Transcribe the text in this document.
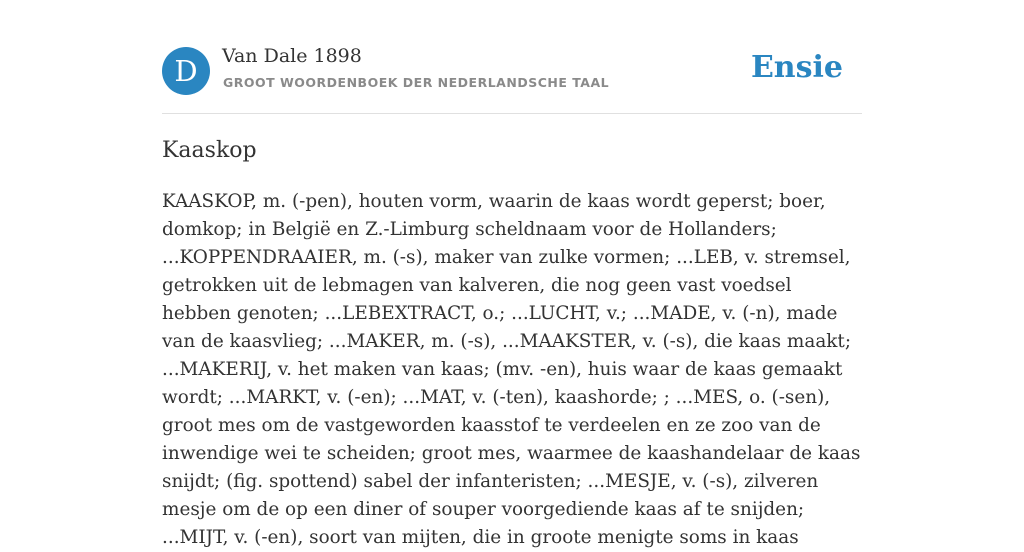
D	Van Dale 1898
GROOT WOORDENBOEK DER NEDERLANDSCHE TAAL	Ensie
Kaaskop

KAASKOP, m. (-pen), houten vorm, waarin de kaas wordt geperst; boer, domkop; in België en Z.-Limburg scheldnaam voor de Hollanders; ...KOPPENDRAAIER, m. (-s), maker van zulke vormen; ...LEB, v. stremsel, getrokken uit de lebmagen van kalveren, die nog geen vast voedsel hebben genoten; ...LEBEXTRACT, o.; ...LUCHT, v.; ...MADE, v. (-n), made van de kaasvlieg; ...MAKER, m. (-s), ...MAAKSTER, v. (-s), die kaas maakt; ...MAKERIJ, v. het maken van kaas; (mv. -en), huis waar de kaas gemaakt wordt; ...MARKT, v. (-en); ...MAT, v. (-ten), kaashorde; ; ...MES, o. (-sen), groot mes om de vastgeworden kaasstof te verdeelen en ze zoo van de inwendige wei te scheiden; groot mes, waarmee de kaashandelaar de kaas snijdt; (fig. spottend) sabel der infanteristen; ...MESJE, v. (-s), zilveren mesje om de op een diner of souper voorgediende kaas af te snijden; ...MIJT, v. (-en), soort van mijten, die in groote menigte soms in kaas
